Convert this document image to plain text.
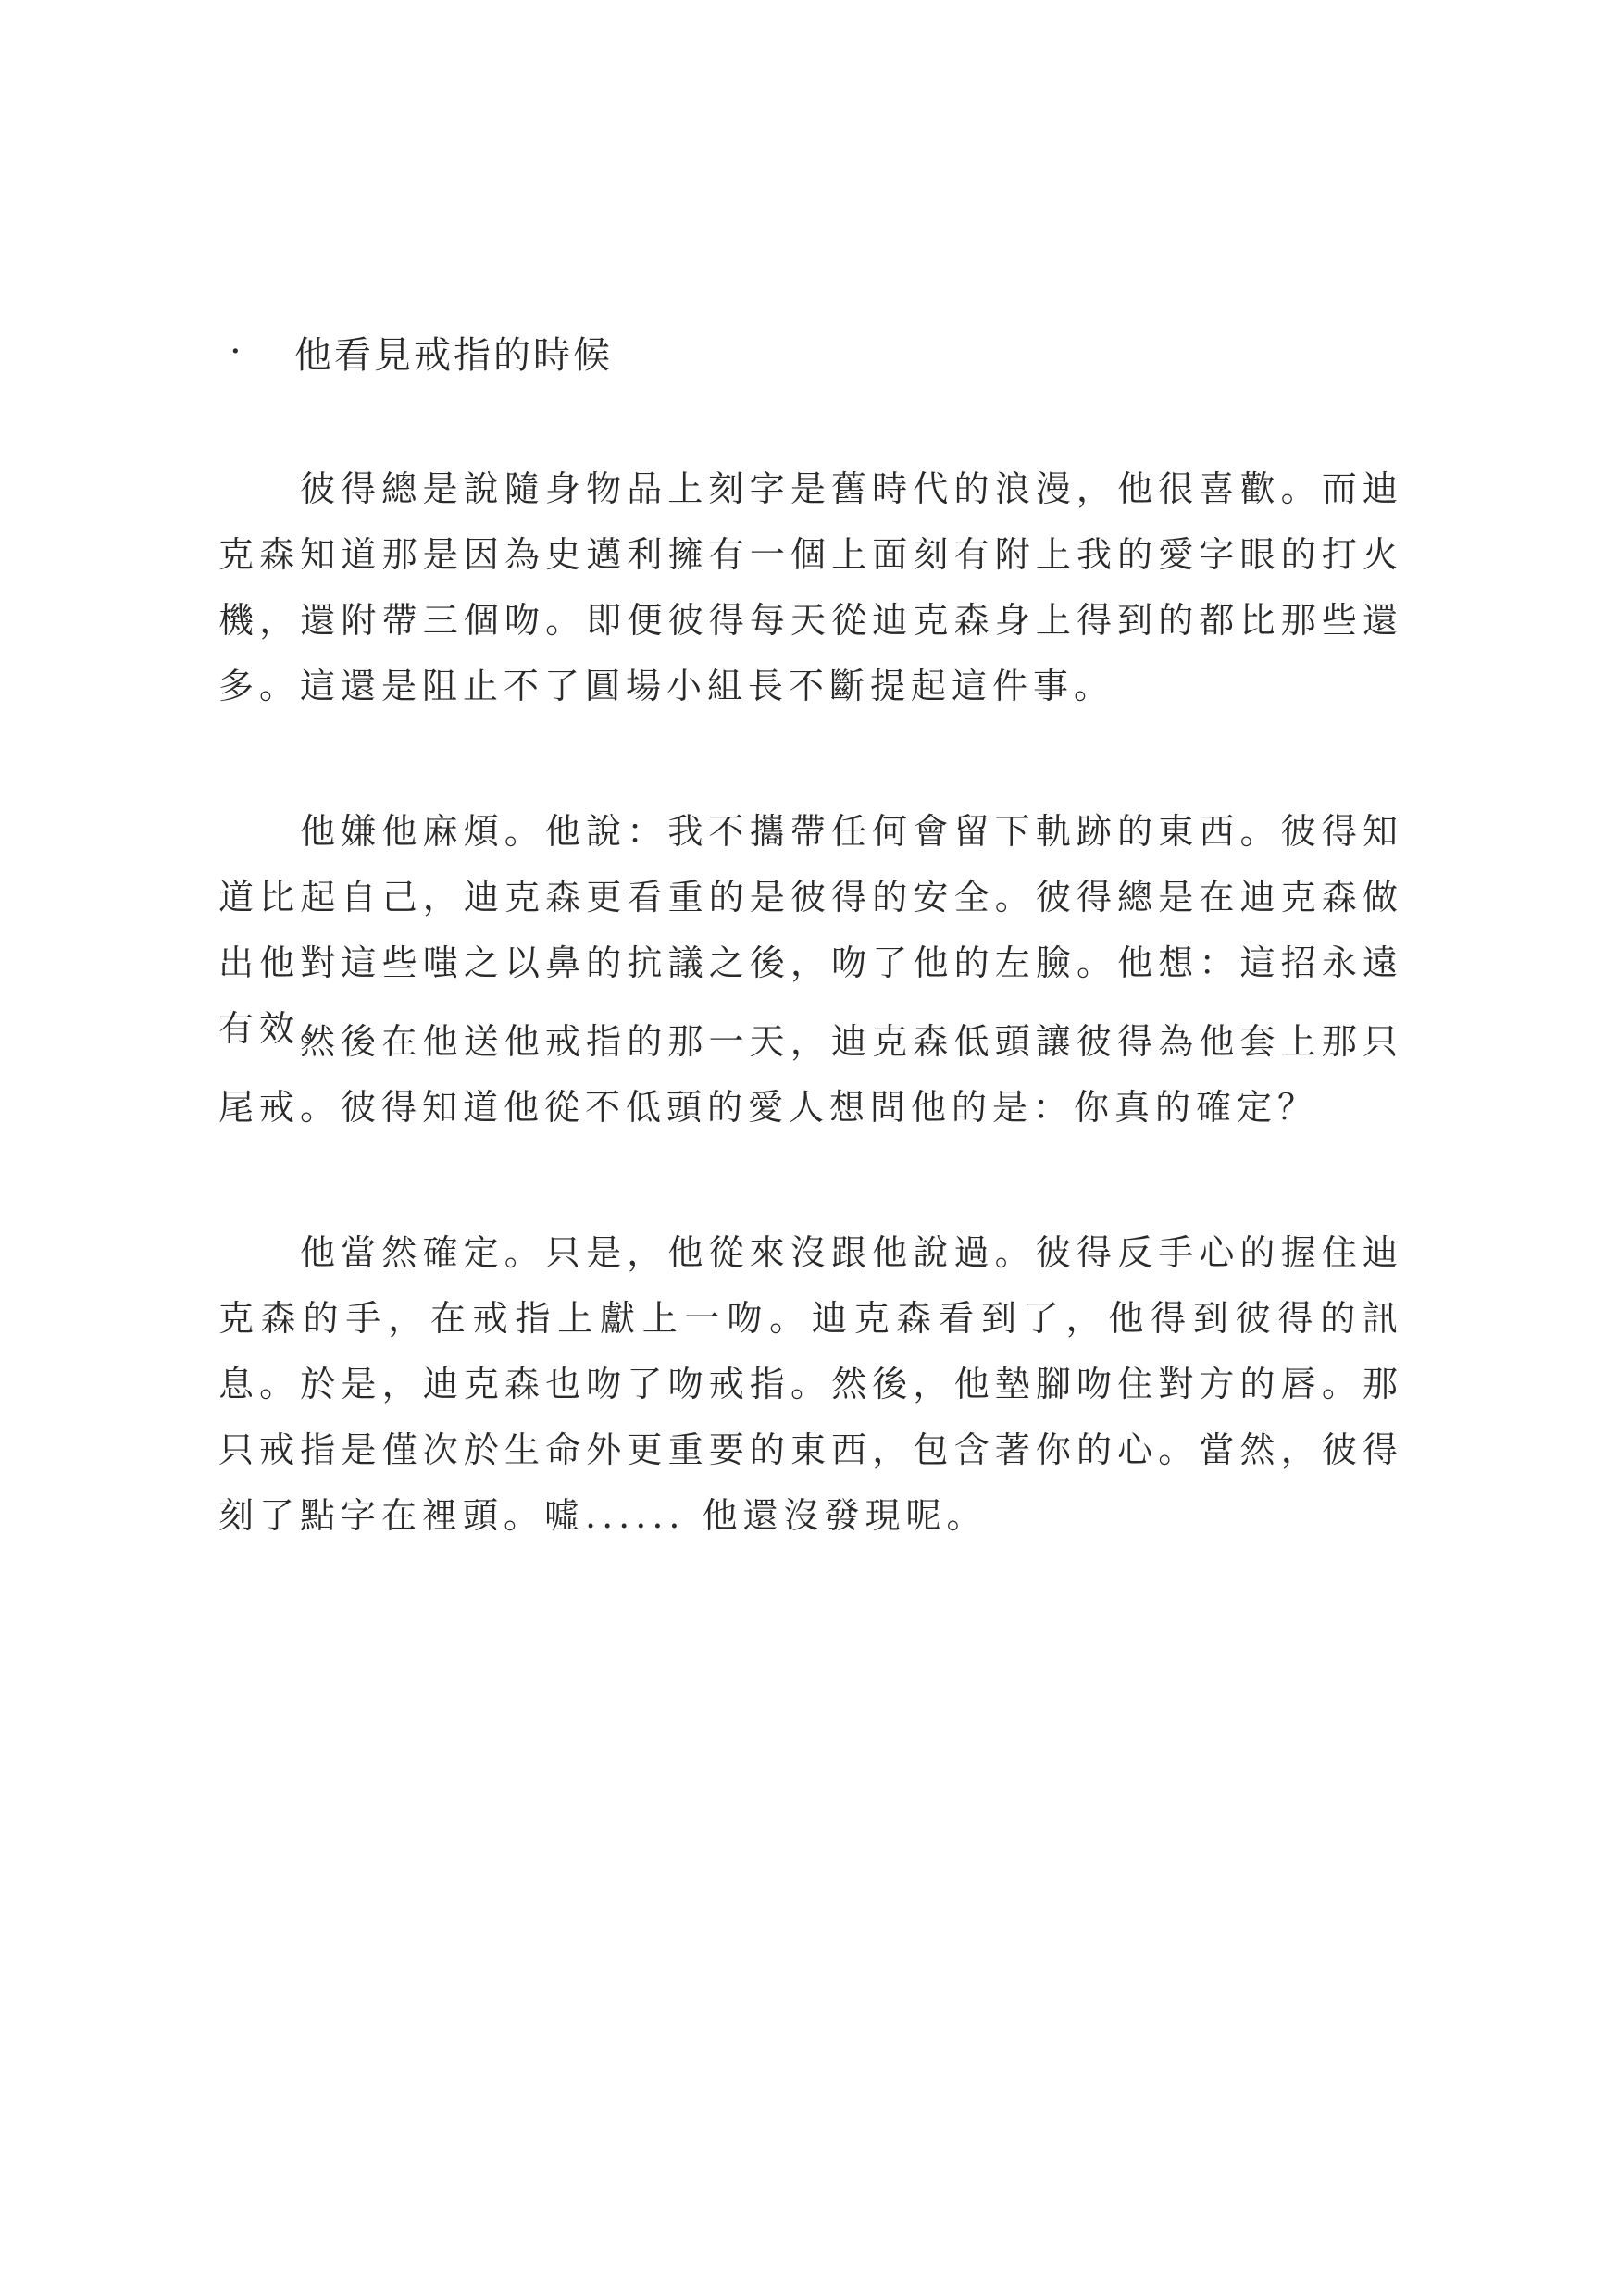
·	他看見戒指的時候

彼得總是說隨身物品上刻字是舊時代的浪漫，他很喜歡。而迪克森知道那是因為史邁利擁有一個上面刻有附上我的愛字眼的打火機，還附帶三個吻。即便彼得每天從迪克森身上得到的都比那些還多。這還是阻止不了圓場小組長不斷提起這件事。

他嫌他麻煩。他說：我不攜帶任何會留下軌跡的東西。彼得知道比起自己，迪克森更看重的是彼得的安全。彼得總是在迪克森做出他對這些嗤之以鼻的抗議之後，吻了他的左臉。他想：這招永遠有效。

然後在他送他戒指的那一天，迪克森低頭讓彼得為他套上那只尾戒。彼得知道他從不低頭的愛人想問他的是：你真的確定？

他當然確定。只是，他從來沒跟他說過。彼得反手心的握住迪克森的手，在戒指上獻上一吻。迪克森看到了，他得到彼得的訊息。於是，迪克森也吻了吻戒指。然後，他墊腳吻住對方的唇。那只戒指是僅次於生命外更重要的東西，包含著你的心。當然，彼得刻了點字在裡頭。噓...... 他還沒發現呢。
